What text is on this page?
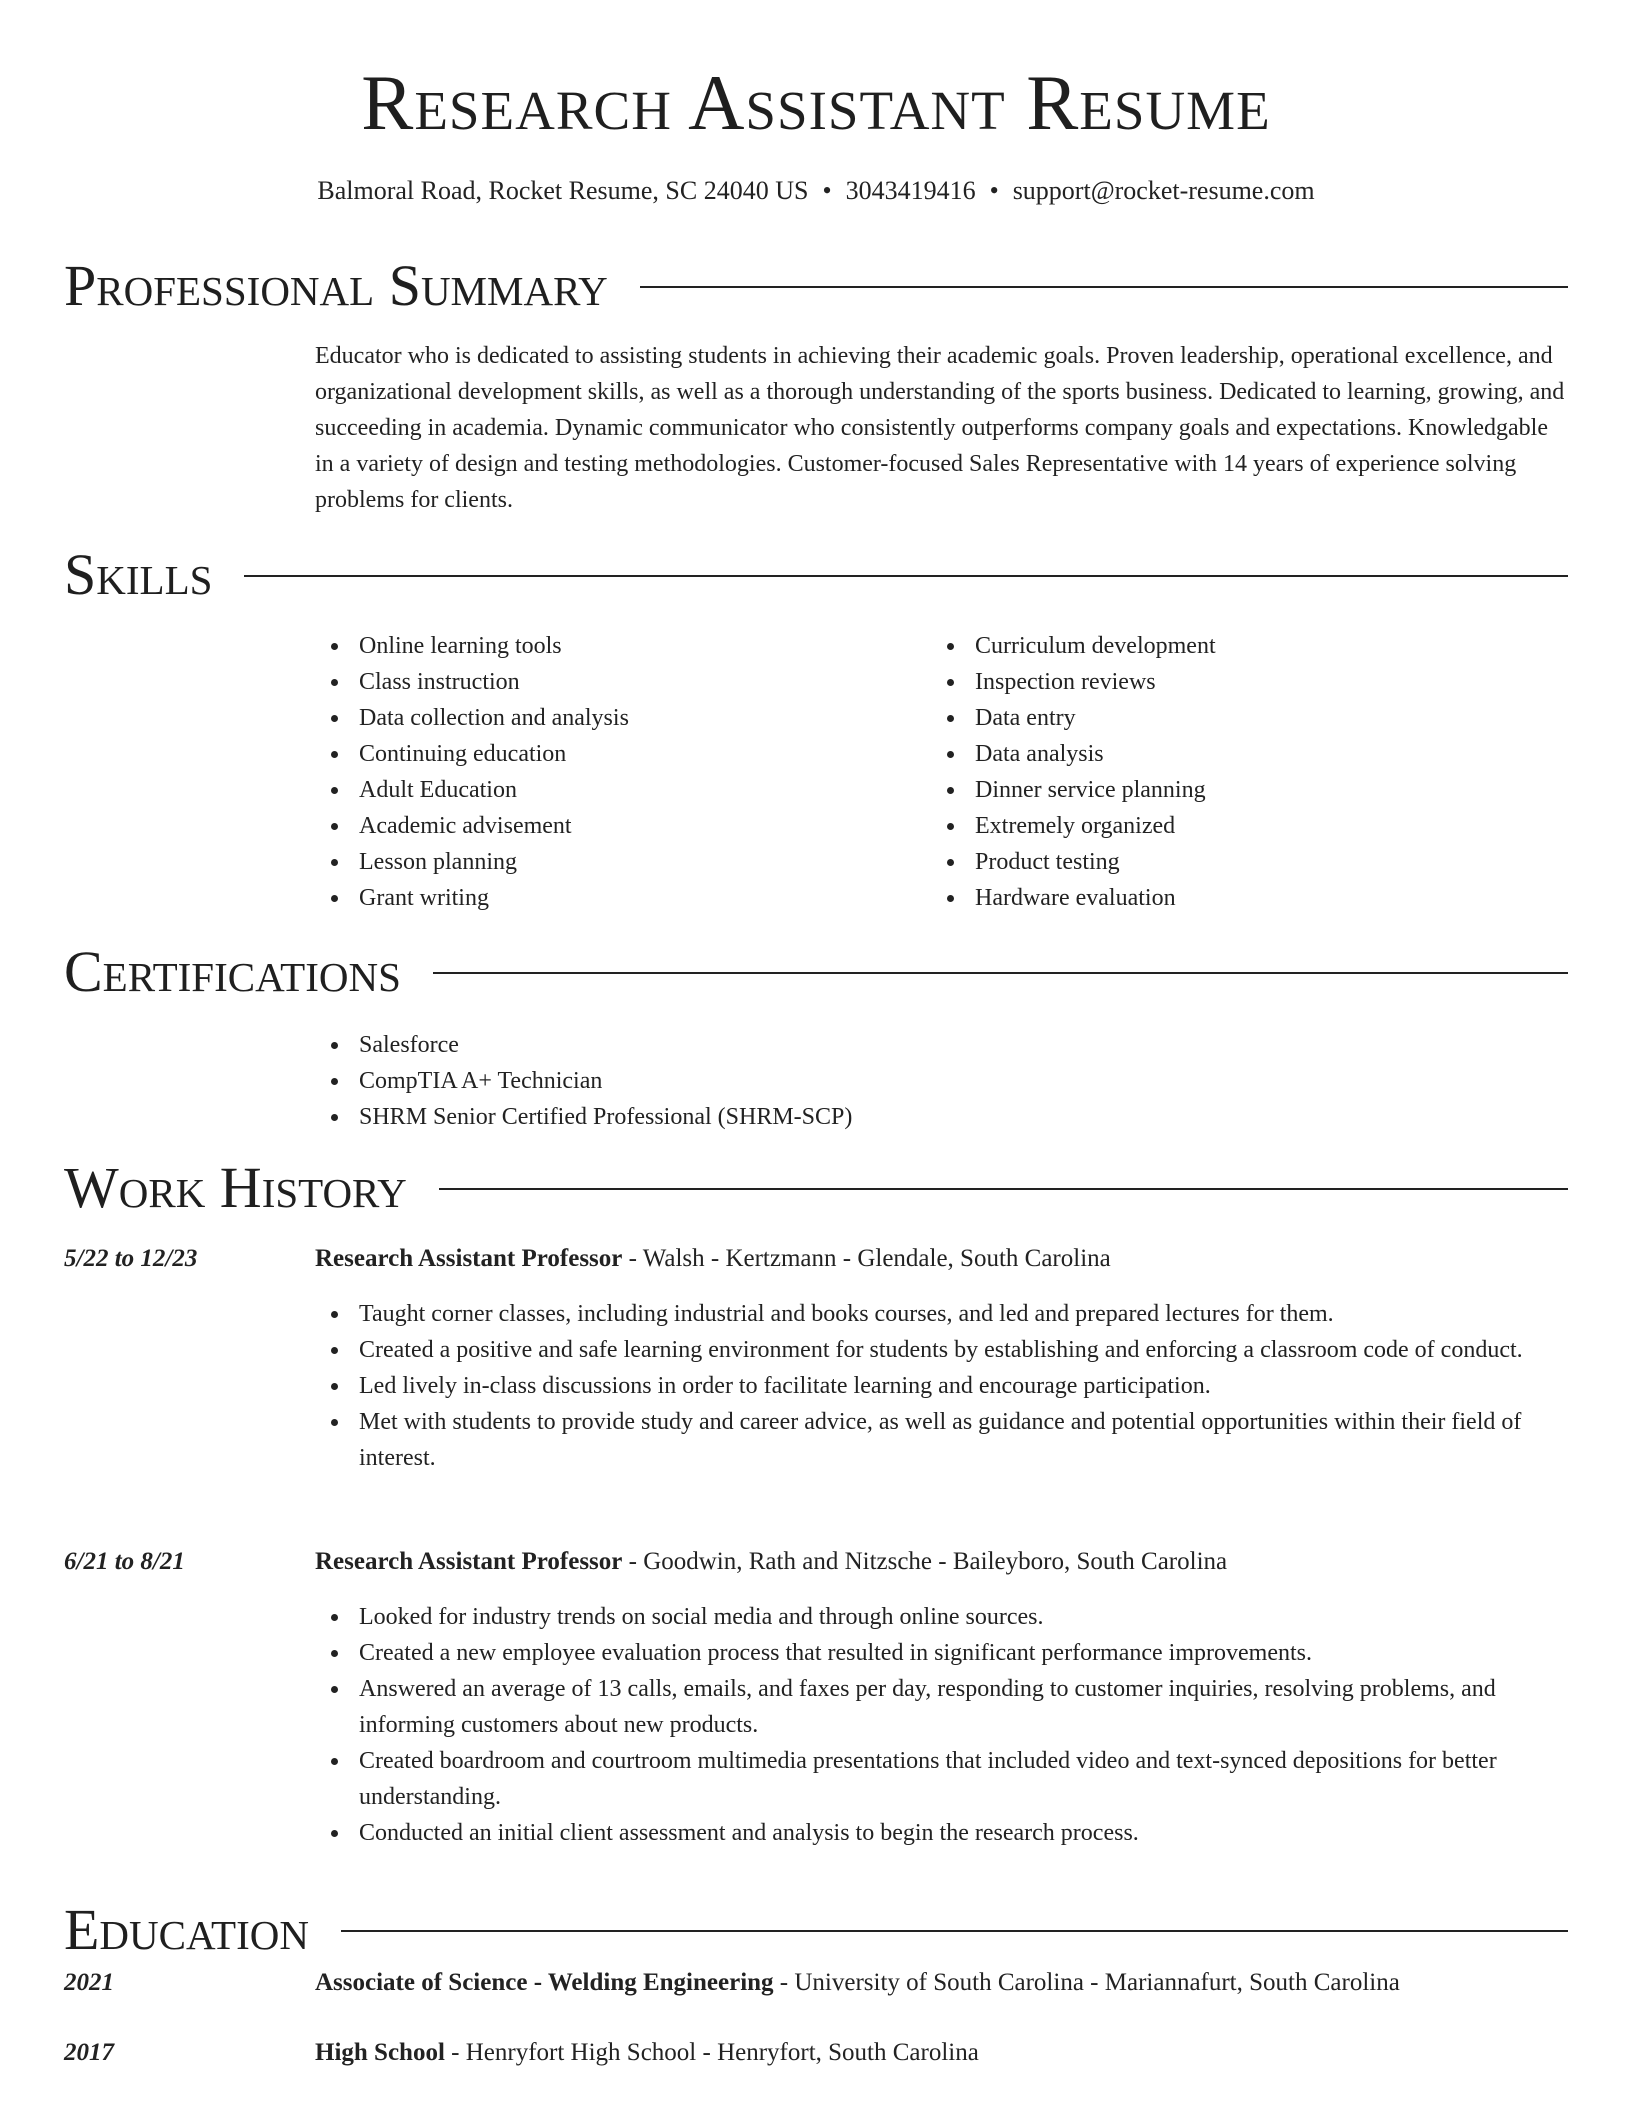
Research Assistant Resume
Balmoral Road, Rocket Resume, SC 24040 US • 3043419416 • support@rocket-resume.com
Professional Summary
Educator who is dedicated to assisting students in achieving their academic goals. Proven leadership, operational excellence, and organizational development skills, as well as a thorough understanding of the sports business. Dedicated to learning, growing, and succeeding in academia. Dynamic communicator who consistently outperforms company goals and expectations. Knowledgable in a variety of design and testing methodologies. Customer-focused Sales Representative with 14 years of experience solving problems for clients.
Skills
Online learning tools
Class instruction
Data collection and analysis
Continuing education
Adult Education
Academic advisement
Lesson planning
Grant writing
Curriculum development
Inspection reviews
Data entry
Data analysis
Dinner service planning
Extremely organized
Product testing
Hardware evaluation
Certifications
Salesforce
CompTIA A+ Technician
SHRM Senior Certified Professional (SHRM-SCP)
Work History
5/22 to 12/23	Research Assistant Professor - Walsh - Kertzmann - Glendale, South Carolina
Taught corner classes, including industrial and books courses, and led and prepared lectures for them.
Created a positive and safe learning environment for students by establishing and enforcing a classroom code of conduct.
Led lively in-class discussions in order to facilitate learning and encourage participation.
Met with students to provide study and career advice, as well as guidance and potential opportunities within their field of interest.
6/21 to 8/21	Research Assistant Professor - Goodwin, Rath and Nitzsche - Baileyboro, South Carolina
Looked for industry trends on social media and through online sources.
Created a new employee evaluation process that resulted in significant performance improvements.
Answered an average of 13 calls, emails, and faxes per day, responding to customer inquiries, resolving problems, and informing customers about new products.
Created boardroom and courtroom multimedia presentations that included video and text-synced depositions for better understanding.
Conducted an initial client assessment and analysis to begin the research process.
Education
2021	Associate of Science - Welding Engineering - University of South Carolina - Mariannafurt, South Carolina
2017	High School - Henryfort High School - Henryfort, South Carolina
